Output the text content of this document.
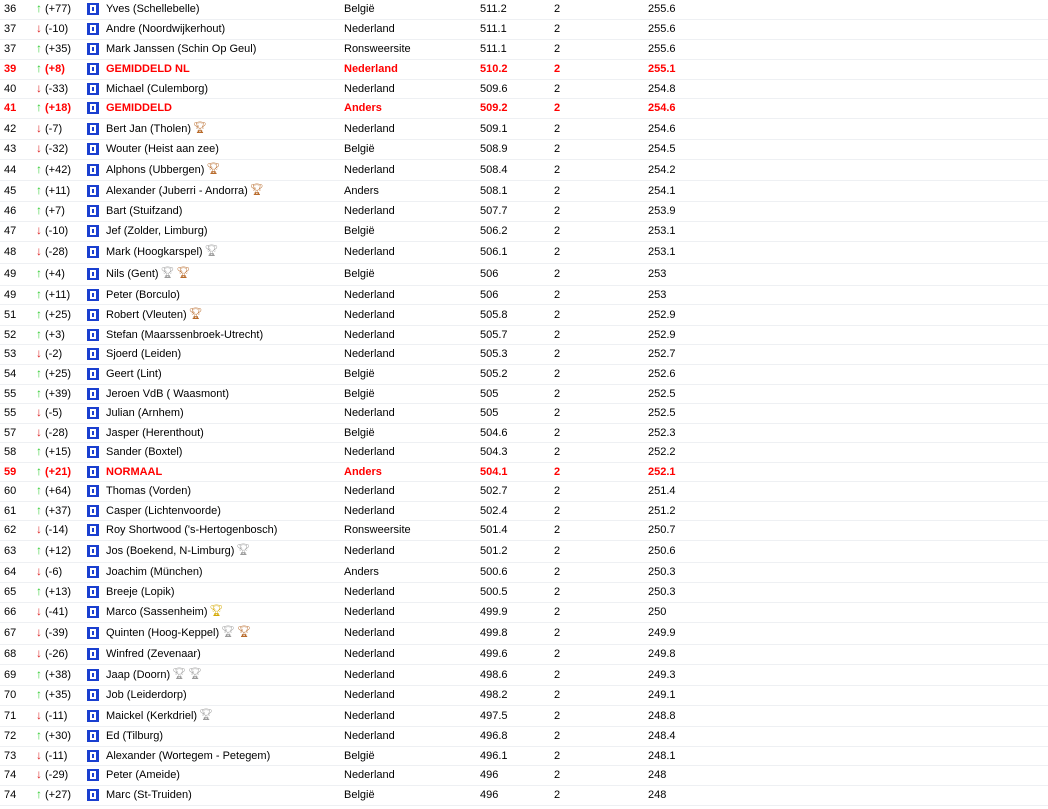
36	↑ (+77)		Yves (Schellebelle)	België	511.2	2	255.6
37	↓ (-10)		Andre (Noordwijkerhout)	Nederland	511.1	2	255.6
37	↑ (+35)		Mark Janssen (Schin Op Geul)	Ronsweersite	511.1	2	255.6
39	↑ (+8)		GEMIDDELD NL	Nederland	510.2	2	255.1
40	↓ (-33)		Michael (Culemborg)	Nederland	509.6	2	254.8
41	↑ (+18)		GEMIDDELD	Anders	509.2	2	254.6
42	↓ (-7)		Bert Jan (Tholen) 🏆︎	Nederland	509.1	2	254.6
43	↓ (-32)		Wouter (Heist aan zee)	België	508.9	2	254.5
44	↑ (+42)		Alphons (Ubbergen) 🏆︎	Nederland	508.4	2	254.2
45	↑ (+11)		Alexander (Juberri - Andorra) 🏆︎	Anders	508.1	2	254.1
46	↑ (+7)		Bart (Stuifzand)	Nederland	507.7	2	253.9
47	↓ (-10)		Jef (Zolder, Limburg)	België	506.2	2	253.1
48	↓ (-28)		Mark (Hoogkarspel) 🏆︎	Nederland	506.1	2	253.1
49	↑ (+4)		Nils (Gent) 🏆︎ 🏆︎	België	506	2	253
49	↑ (+11)		Peter (Borculo)	Nederland	506	2	253
51	↑ (+25)		Robert (Vleuten) 🏆︎	Nederland	505.8	2	252.9
52	↑ (+3)		Stefan (Maarssenbroek-Utrecht)	Nederland	505.7	2	252.9
53	↓ (-2)		Sjoerd (Leiden)	Nederland	505.3	2	252.7
54	↑ (+25)		Geert (Lint)	België	505.2	2	252.6
55	↑ (+39)		Jeroen VdB ( Waasmont)	België	505	2	252.5
55	↓ (-5)		Julian (Arnhem)	Nederland	505	2	252.5
57	↓ (-28)		Jasper (Herenthout)	België	504.6	2	252.3
58	↑ (+15)		Sander (Boxtel)	Nederland	504.3	2	252.2
59	↑ (+21)		NORMAAL	Anders	504.1	2	252.1
60	↑ (+64)		Thomas (Vorden)	Nederland	502.7	2	251.4
61	↑ (+37)		Casper (Lichtenvoorde)	Nederland	502.4	2	251.2
62	↓ (-14)		Roy Shortwood ('s-Hertogenbosch)	Ronsweersite	501.4	2	250.7
63	↑ (+12)		Jos (Boekend, N-Limburg) 🏆︎	Nederland	501.2	2	250.6
64	↓ (-6)		Joachim (München)	Anders	500.6	2	250.3
65	↑ (+13)		Breeje (Lopik)	Nederland	500.5	2	250.3
66	↓ (-41)		Marco (Sassenheim) 🏆︎	Nederland	499.9	2	250
67	↓ (-39)		Quinten (Hoog-Keppel) 🏆︎ 🏆︎	Nederland	499.8	2	249.9
68	↓ (-26)		Winfred (Zevenaar)	Nederland	499.6	2	249.8
69	↑ (+38)		Jaap (Doorn) 🏆︎ 🏆︎	Nederland	498.6	2	249.3
70	↑ (+35)		Job (Leiderdorp)	Nederland	498.2	2	249.1
71	↓ (-11)		Maickel (Kerkdriel) 🏆︎	Nederland	497.5	2	248.8
72	↑ (+30)		Ed (Tilburg)	Nederland	496.8	2	248.4
73	↓ (-11)		Alexander (Wortegem - Petegem)	België	496.1	2	248.1
74	↓ (-29)		Peter (Ameide)	Nederland	496	2	248
74	↑ (+27)		Marc (St-Truiden)	België	496	2	248
